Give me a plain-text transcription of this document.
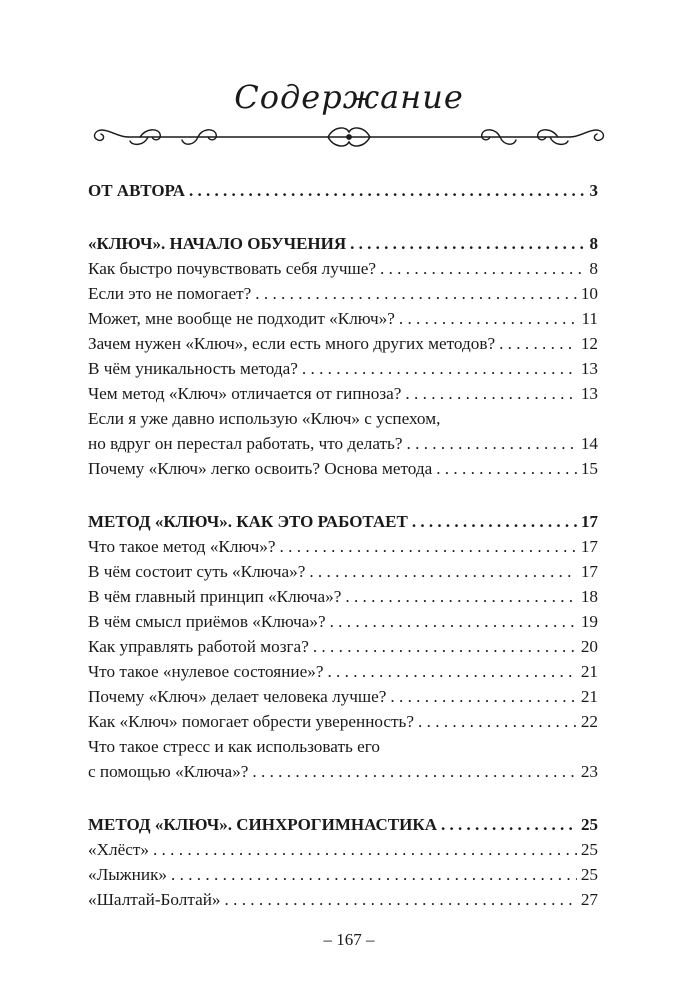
Содержание
ОТ АВТОРА . . .	3
«КЛЮЧ». НАЧАЛО ОБУЧЕНИЯ . . .	8
Как быстро почувствовать себя лучше? . . .	8
Если это не помогает? . . .	10
Может, мне вообще не подходит «Ключ»? . . .	11
Зачем нужен «Ключ», если есть много других методов? . . .	12
В чём уникальность метода? . . .	13
Чем метод «Ключ» отличается от гипноза? . . .	13
Если я уже давно использую «Ключ» с успехом,
но вдруг он перестал работать, что делать? . . .	14
Почему «Ключ» легко освоить? Основа метода . . .	15
МЕТОД «КЛЮЧ». КАК ЭТО РАБОТАЕТ . . .	17
Что такое метод «Ключ»? . . .	17
В чём состоит суть «Ключа»? . . .	17
В чём главный принцип «Ключа»? . . .	18
В чём смысл приёмов «Ключа»? . . .	19
Как управлять работой мозга? . . .	20
Что такое «нулевое состояние»? . . .	21
Почему «Ключ» делает человека лучше? . . .	21
Как «Ключ» помогает обрести уверенность? . . .	22
Что такое стресс и как использовать его
с помощью «Ключа»? . . .	23
МЕТОД «КЛЮЧ». СИНХРОГИМНАСТИКА . . .	25
«Хлёст» . . .	25
«Лыжник» . . .	25
«Шалтай-Болтай» . . .	27
– 167 –
